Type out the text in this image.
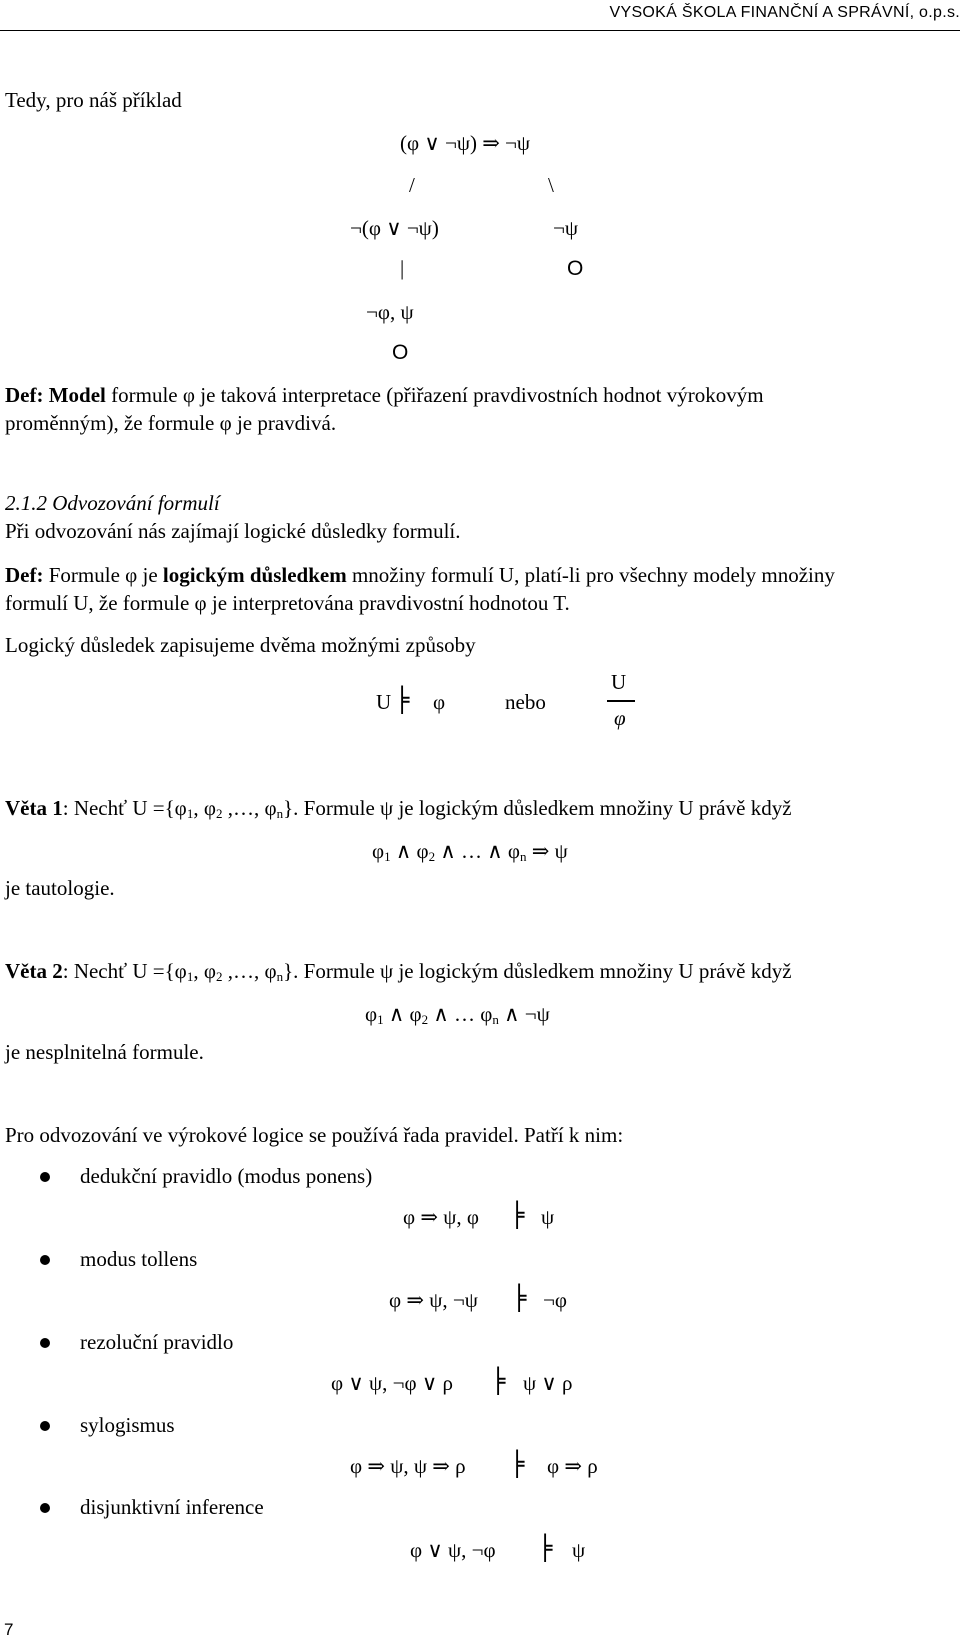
VYSOKÁ ŠKOLA FINANČNÍ A SPRÁVNÍ, o.p.s.
Tedy, pro náš příklad
(φ ∨ ¬ψ) ⇒ ¬ψ
/	\
¬(φ ∨ ¬ψ)	¬ψ
|	O
¬φ, ψ
O
Def: Model formule φ je taková interpretace (přiřazení pravdivostních hodnot výrokovým
proměnným), že formule φ je pravdivá.
2.1.2 Odvozování formulí
Při odvozování nás zajímají logické důsledky formulí.
Def: Formule φ je logickým důsledkem množiny formulí U, platí-li pro všechny modely množiny
formulí U, že formule φ je interpretována pravdivostní hodnotou T.
Logický důsledek zapisujeme dvěma možnými způsoby
U ╞ φ	nebo
U
φ
Věta 1: Nechť $U =\{\varphi_1$, $\varphi_2$ ,…, $\varphi_n$}. Formule ψ je logickým důsledkem množiny U právě když
$\varphi_1$ ∧ $\varphi_2$ ∧ … ∧ $\varphi_n$ ⇒ ψ
je tautologie.
Věta 2: Nechť $U =\{\varphi_1$, $\varphi_2$ ,…, $\varphi_n$}. Formule ψ je logickým důsledkem množiny U právě když
$\varphi_1$ ∧ $\varphi_2$ ∧ … $\varphi_n$ ∧ ¬ψ
je nesplnitelná formule.
Pro odvozování ve výrokové logice se používá řada pravidel. Patří k nim:
dedukční pravidlo (modus ponens)
φ ⇒ ψ, φ ╞ ψ
modus tollens
φ ⇒ ψ, ¬ψ ╞ ¬φ
rezoluční pravidlo
φ ∨ ψ, ¬φ ∨ ρ ╞ ψ ∨ ρ
sylogismus
φ ⇒ ψ, ψ ⇒ ρ ╞ φ ⇒ ρ
disjunktivní inference
φ ∨ ψ, ¬φ ╞ ψ
7
